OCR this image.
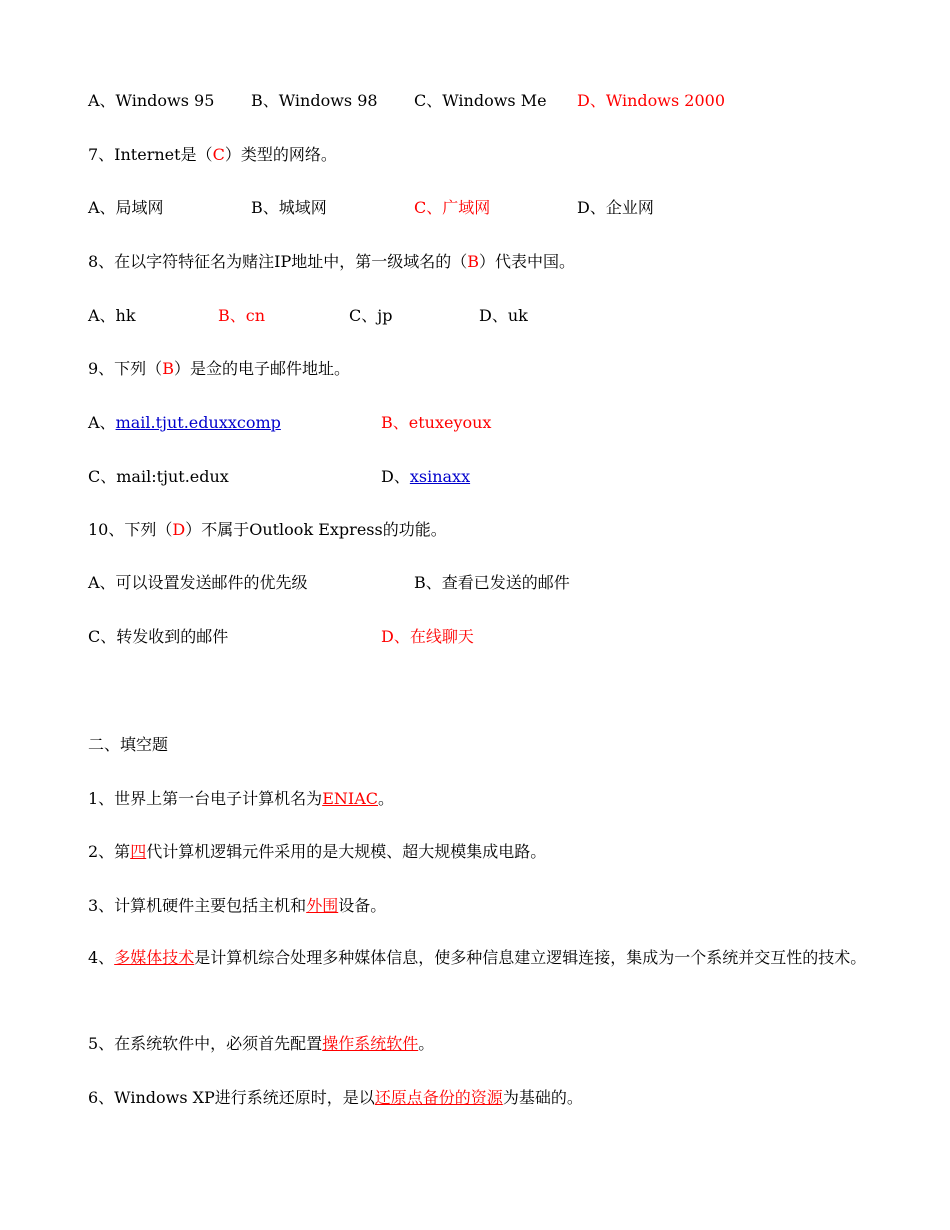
A、Windows 95 B、Windows 98 C、Windows Me D、Windows 2000
7、Internet是（C）类型的网络。
A、局域网	B、城域网	C、广域网	D、企业网
8、在以字符特征名为赌注IP地址中，第一级域名的（B）代表中国。
A、hk	B、cn	C、jp	D、uk
9、下列（B）是佥的电子邮件地址。
A、mail.tjut.eduxxcomp	B、etuxeyoux
C、mail:tjut.edux	D、xsinaxx
10、下列（D）不属于Outlook Express的功能。
A、可以设置发送邮件的优先级	B、查看已发送的邮件
C、转发收到的邮件	D、在线聊天
二、填空题
1、世界上第一台电子计算机名为ENIAC。
2、第四代计算机逻辑元件采用的是大规模、超大规模集成电路。
3、计算机硬件主要包括主机和外围设备。
4、多媒体技术是计算机综合处理多种媒体信息，使多种信息建立逻辑连接，集成为一个系统并交互性的技术。
5、在系统软件中，必须首先配置操作系统软件。
6、Windows XP进行系统还原时，是以还原点备份的资源为基础的。
